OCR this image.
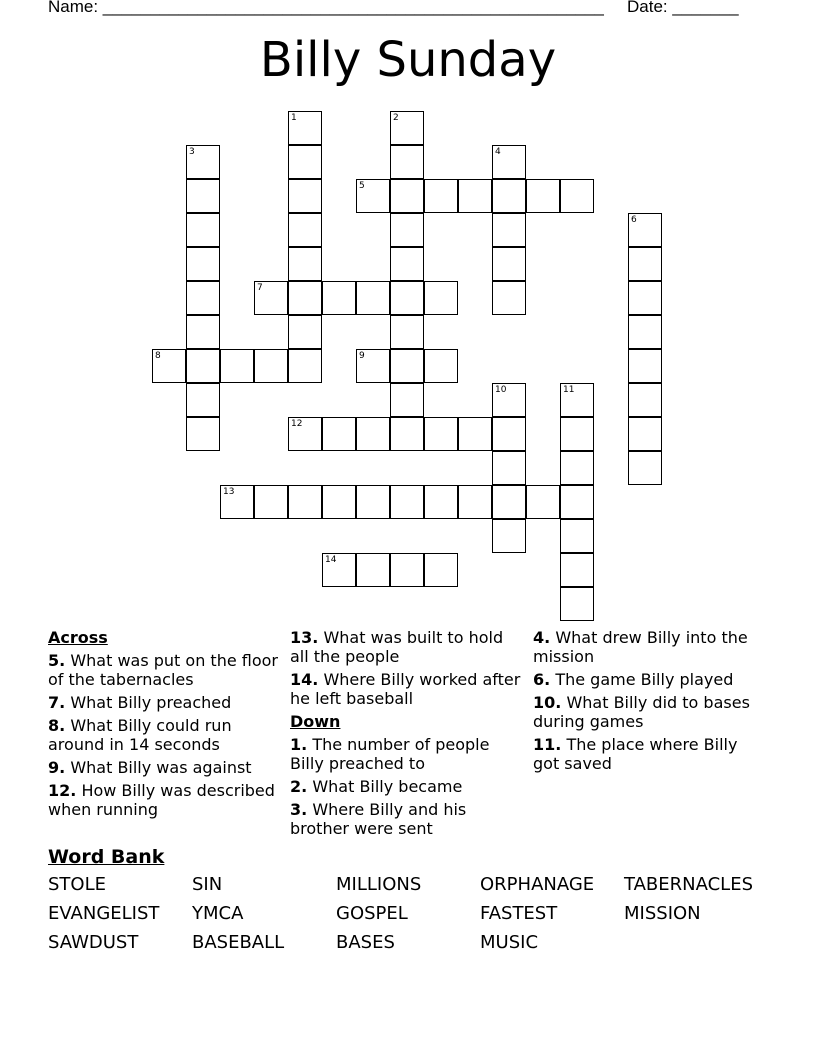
Name: _____________________________________________________ Date: _______
Billy Sunday
1	2
3	4
5
6
7
8	9
10	11
12
13
14
Across
5. What was put on the floor of the tabernacles
7. What Billy preached
8. What Billy could run around in 14 seconds
9. What Billy was against
12. How Billy was described when running
13. What was built to hold all the people
14. Where Billy worked after he left baseball
Down
1. The number of people Billy preached to
2. What Billy became
3. Where Billy and his brother were sent
4. What drew Billy into the mission
6. The game Billy played
10. What Billy did to bases during games
11. The place where Billy got saved
Word Bank
STOLE	SIN	MILLIONS	ORPHANAGE	TABERNACLES
EVANGELIST	YMCA	GOSPEL	FASTEST	MISSION
SAWDUST	BASEBALL	BASES	MUSIC
